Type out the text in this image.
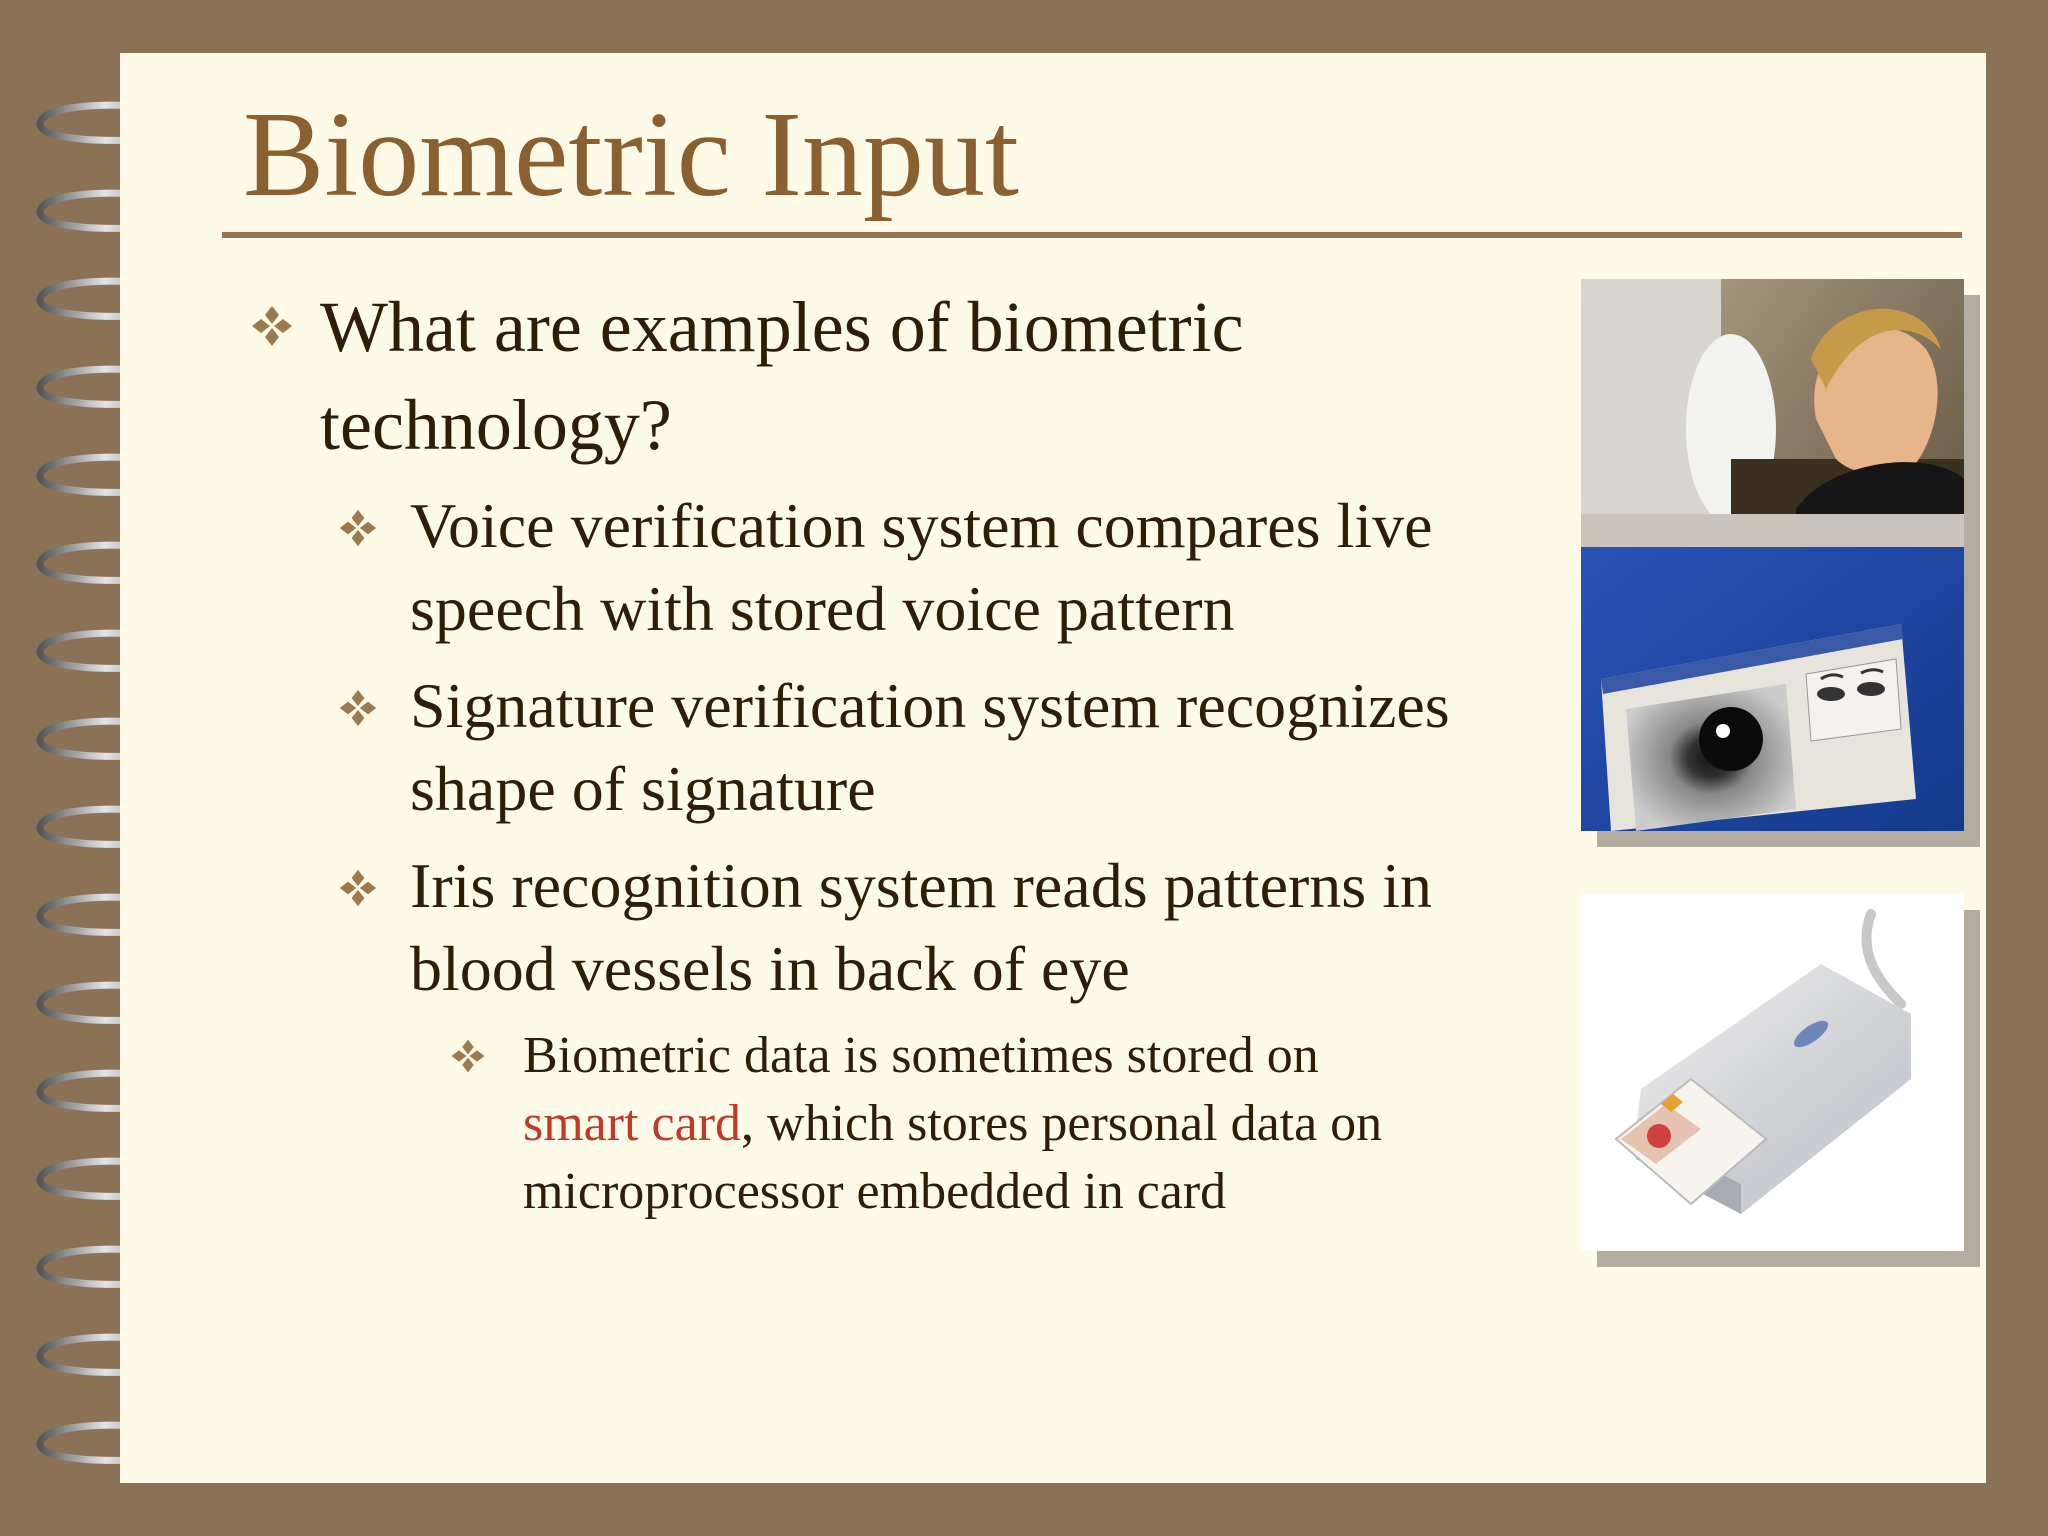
Biometric Input

What are examples of biometric
technology?

Voice verification system compares live
speech with stored voice pattern

Signature verification system recognizes
shape of signature

Iris recognition system reads patterns in
blood vessels in back of eye

Biometric data is sometimes stored on
smart card, which stores personal data on
microprocessor embedded in card
